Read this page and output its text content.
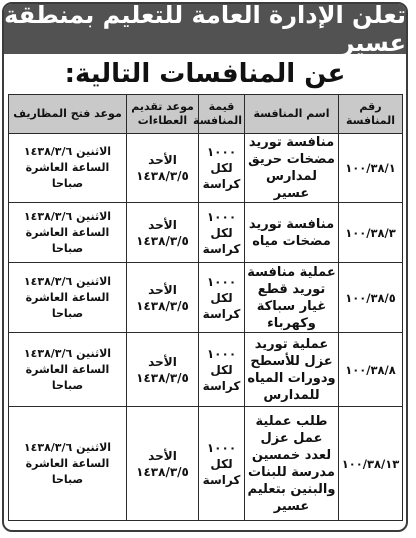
تعلن الإدارة العامة للتعليم بمنطقة عسير
عن المنافسات التالية:
رقم المنافسة	اسم المنافسة	قيمة المنافسة	موعد تقديم العطاءات	موعد فتح المظاريف
١٠٠/٣٨/١	منافسة توريد مضخات حريق لمدارس عسير	١٠٠٠ لكل كراسة	الأحد ١٤٣٨/٣/٥	الاثنين ١٤٣٨/٣/٦ الساعة العاشرة صباحا
١٠٠/٣٨/٣	منافسة توريد مضخات مياه	١٠٠٠ لكل كراسة	الأحد ١٤٣٨/٣/٥	الاثنين ١٤٣٨/٣/٦ الساعة العاشرة صباحا
١٠٠/٣٨/٥	عملية منافسة توريد قطع غيار سباكة وكهرباء	١٠٠٠ لكل كراسة	الأحد ١٤٣٨/٣/٥	الاثنين ١٤٣٨/٣/٦ الساعة العاشرة صباحا
١٠٠/٣٨/٨	عملية توريد عزل للأسطح ودورات المياه للمدارس	١٠٠٠ لكل كراسة	الأحد ١٤٣٨/٣/٥	الاثنين ١٤٣٨/٣/٦ الساعة العاشرة صباحا
١٠٠/٣٨/١٣	طلب عملية عمل عزل لعدد خمسين مدرسة للبنات والبنين بتعليم عسير	١٠٠٠ لكل كراسة	الأحد ١٤٣٨/٣/٥	الاثنين ١٤٣٨/٣/٦ الساعة العاشرة صباحا
